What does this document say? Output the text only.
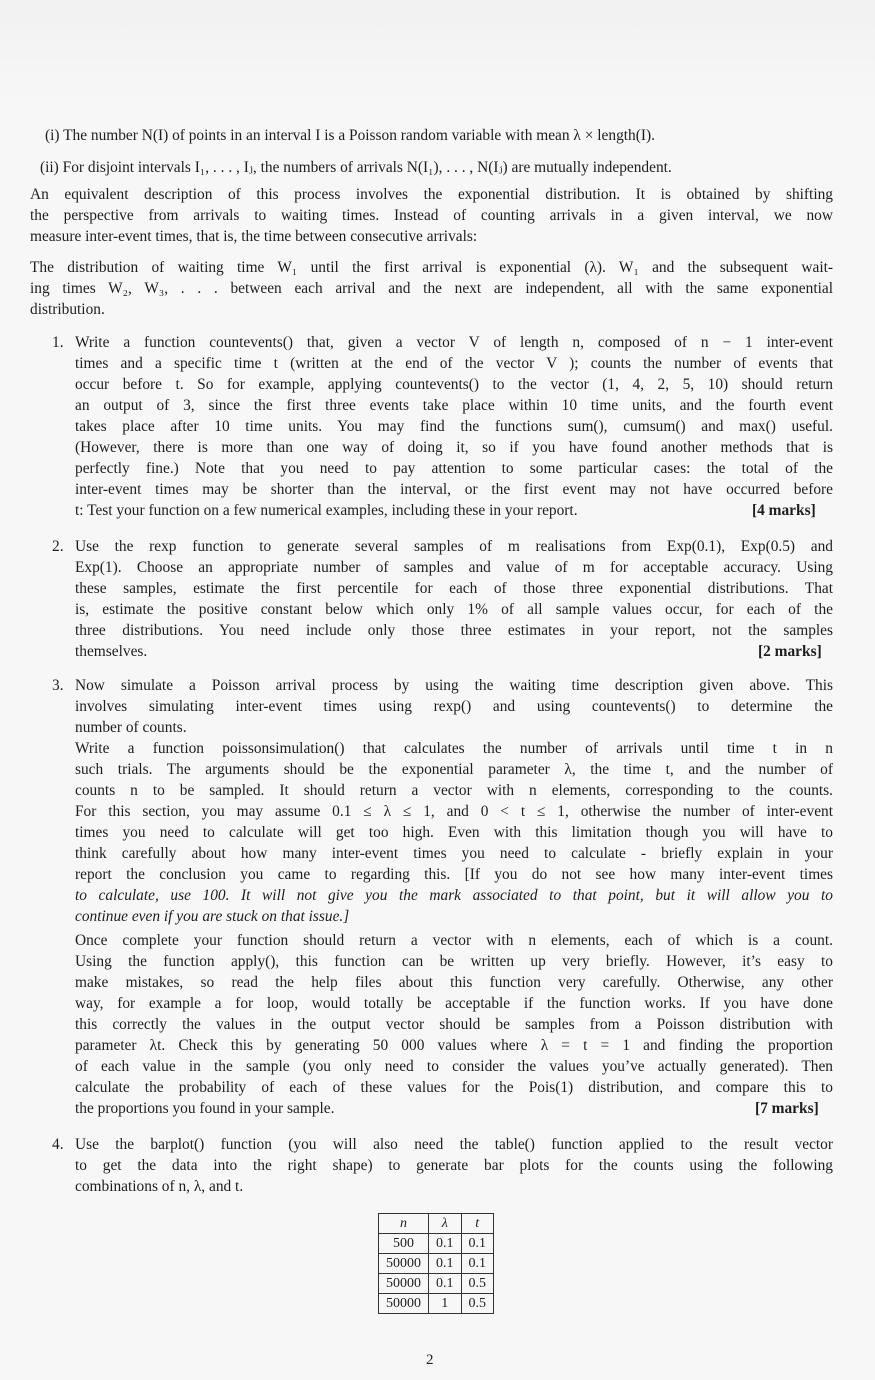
(i) The number N(I) of points in an interval I is a Poisson random variable with mean λ × length(I).
(ii) For disjoint intervals I₁, . . . , Iⱼ, the numbers of arrivals N(I₁), . . . , N(Iⱼ) are mutually independent.
An equivalent description of this process involves the exponential distribution. It is obtained by shifting
the perspective from arrivals to waiting times. Instead of counting arrivals in a given interval, we now
measure inter-event times, that is, the time between consecutive arrivals:
The distribution of waiting time W₁ until the first arrival is exponential (λ). W₁ and the subsequent wait-
ing times W₂, W₃, . . . between each arrival and the next are independent, all with the same exponential
distribution.
1. Write a function countevents() that, given a vector V of length n, composed of n − 1 inter-event
times and a specific time t (written at the end of the vector V ); counts the number of events that
occur before t. So for example, applying countevents() to the vector (1, 4, 2, 5, 10) should return
an output of 3, since the first three events take place within 10 time units, and the fourth event
takes place after 10 time units. You may find the functions sum(), cumsum() and max() useful.
(However, there is more than one way of doing it, so if you have found another methods that is
perfectly fine.) Note that you need to pay attention to some particular cases: the total of the
inter-event times may be shorter than the interval, or the first event may not have occurred before
t: Test your function on a few numerical examples, including these in your report.	[4 marks]
2. Use the rexp function to generate several samples of m realisations from Exp(0.1), Exp(0.5) and
Exp(1). Choose an appropriate number of samples and value of m for acceptable accuracy. Using
these samples, estimate the first percentile for each of those three exponential distributions. That
is, estimate the positive constant below which only 1% of all sample values occur, for each of the
three distributions. You need include only those three estimates in your report, not the samples
themselves.	[2 marks]
3. Now simulate a Poisson arrival process by using the waiting time description given above. This
involves simulating inter-event times using rexp() and using countevents() to determine the
number of counts.
Write a function poissonsimulation() that calculates the number of arrivals until time t in n
such trials. The arguments should be the exponential parameter λ, the time t, and the number of
counts n to be sampled. It should return a vector with n elements, corresponding to the counts.
For this section, you may assume 0.1 ≤ λ ≤ 1, and 0 < t ≤ 1, otherwise the number of inter-event
times you need to calculate will get too high. Even with this limitation though you will have to
think carefully about how many inter-event times you need to calculate - briefly explain in your
report the conclusion you came to regarding this. [If you do not see how many inter-event times
to calculate, use 100. It will not give you the mark associated to that point, but it will allow you to
continue even if you are stuck on that issue.]
Once complete your function should return a vector with n elements, each of which is a count.
Using the function apply(), this function can be written up very briefly. However, it’s easy to
make mistakes, so read the help files about this function very carefully. Otherwise, any other
way, for example a for loop, would totally be acceptable if the function works. If you have done
this correctly the values in the output vector should be samples from a Poisson distribution with
parameter λt. Check this by generating 50 000 values where λ = t = 1 and finding the proportion
of each value in the sample (you only need to consider the values you’ve actually generated). Then
calculate the probability of each of these values for the Pois(1) distribution, and compare this to
the proportions you found in your sample.	[7 marks]
4. Use the barplot() function (you will also need the table() function applied to the result vector
to get the data into the right shape) to generate bar plots for the counts using the following
combinations of n, λ, and t.
n	λ	t
500	0.1	0.1
50000	0.1	0.1
50000	0.1	0.5
50000	1	0.5
2
